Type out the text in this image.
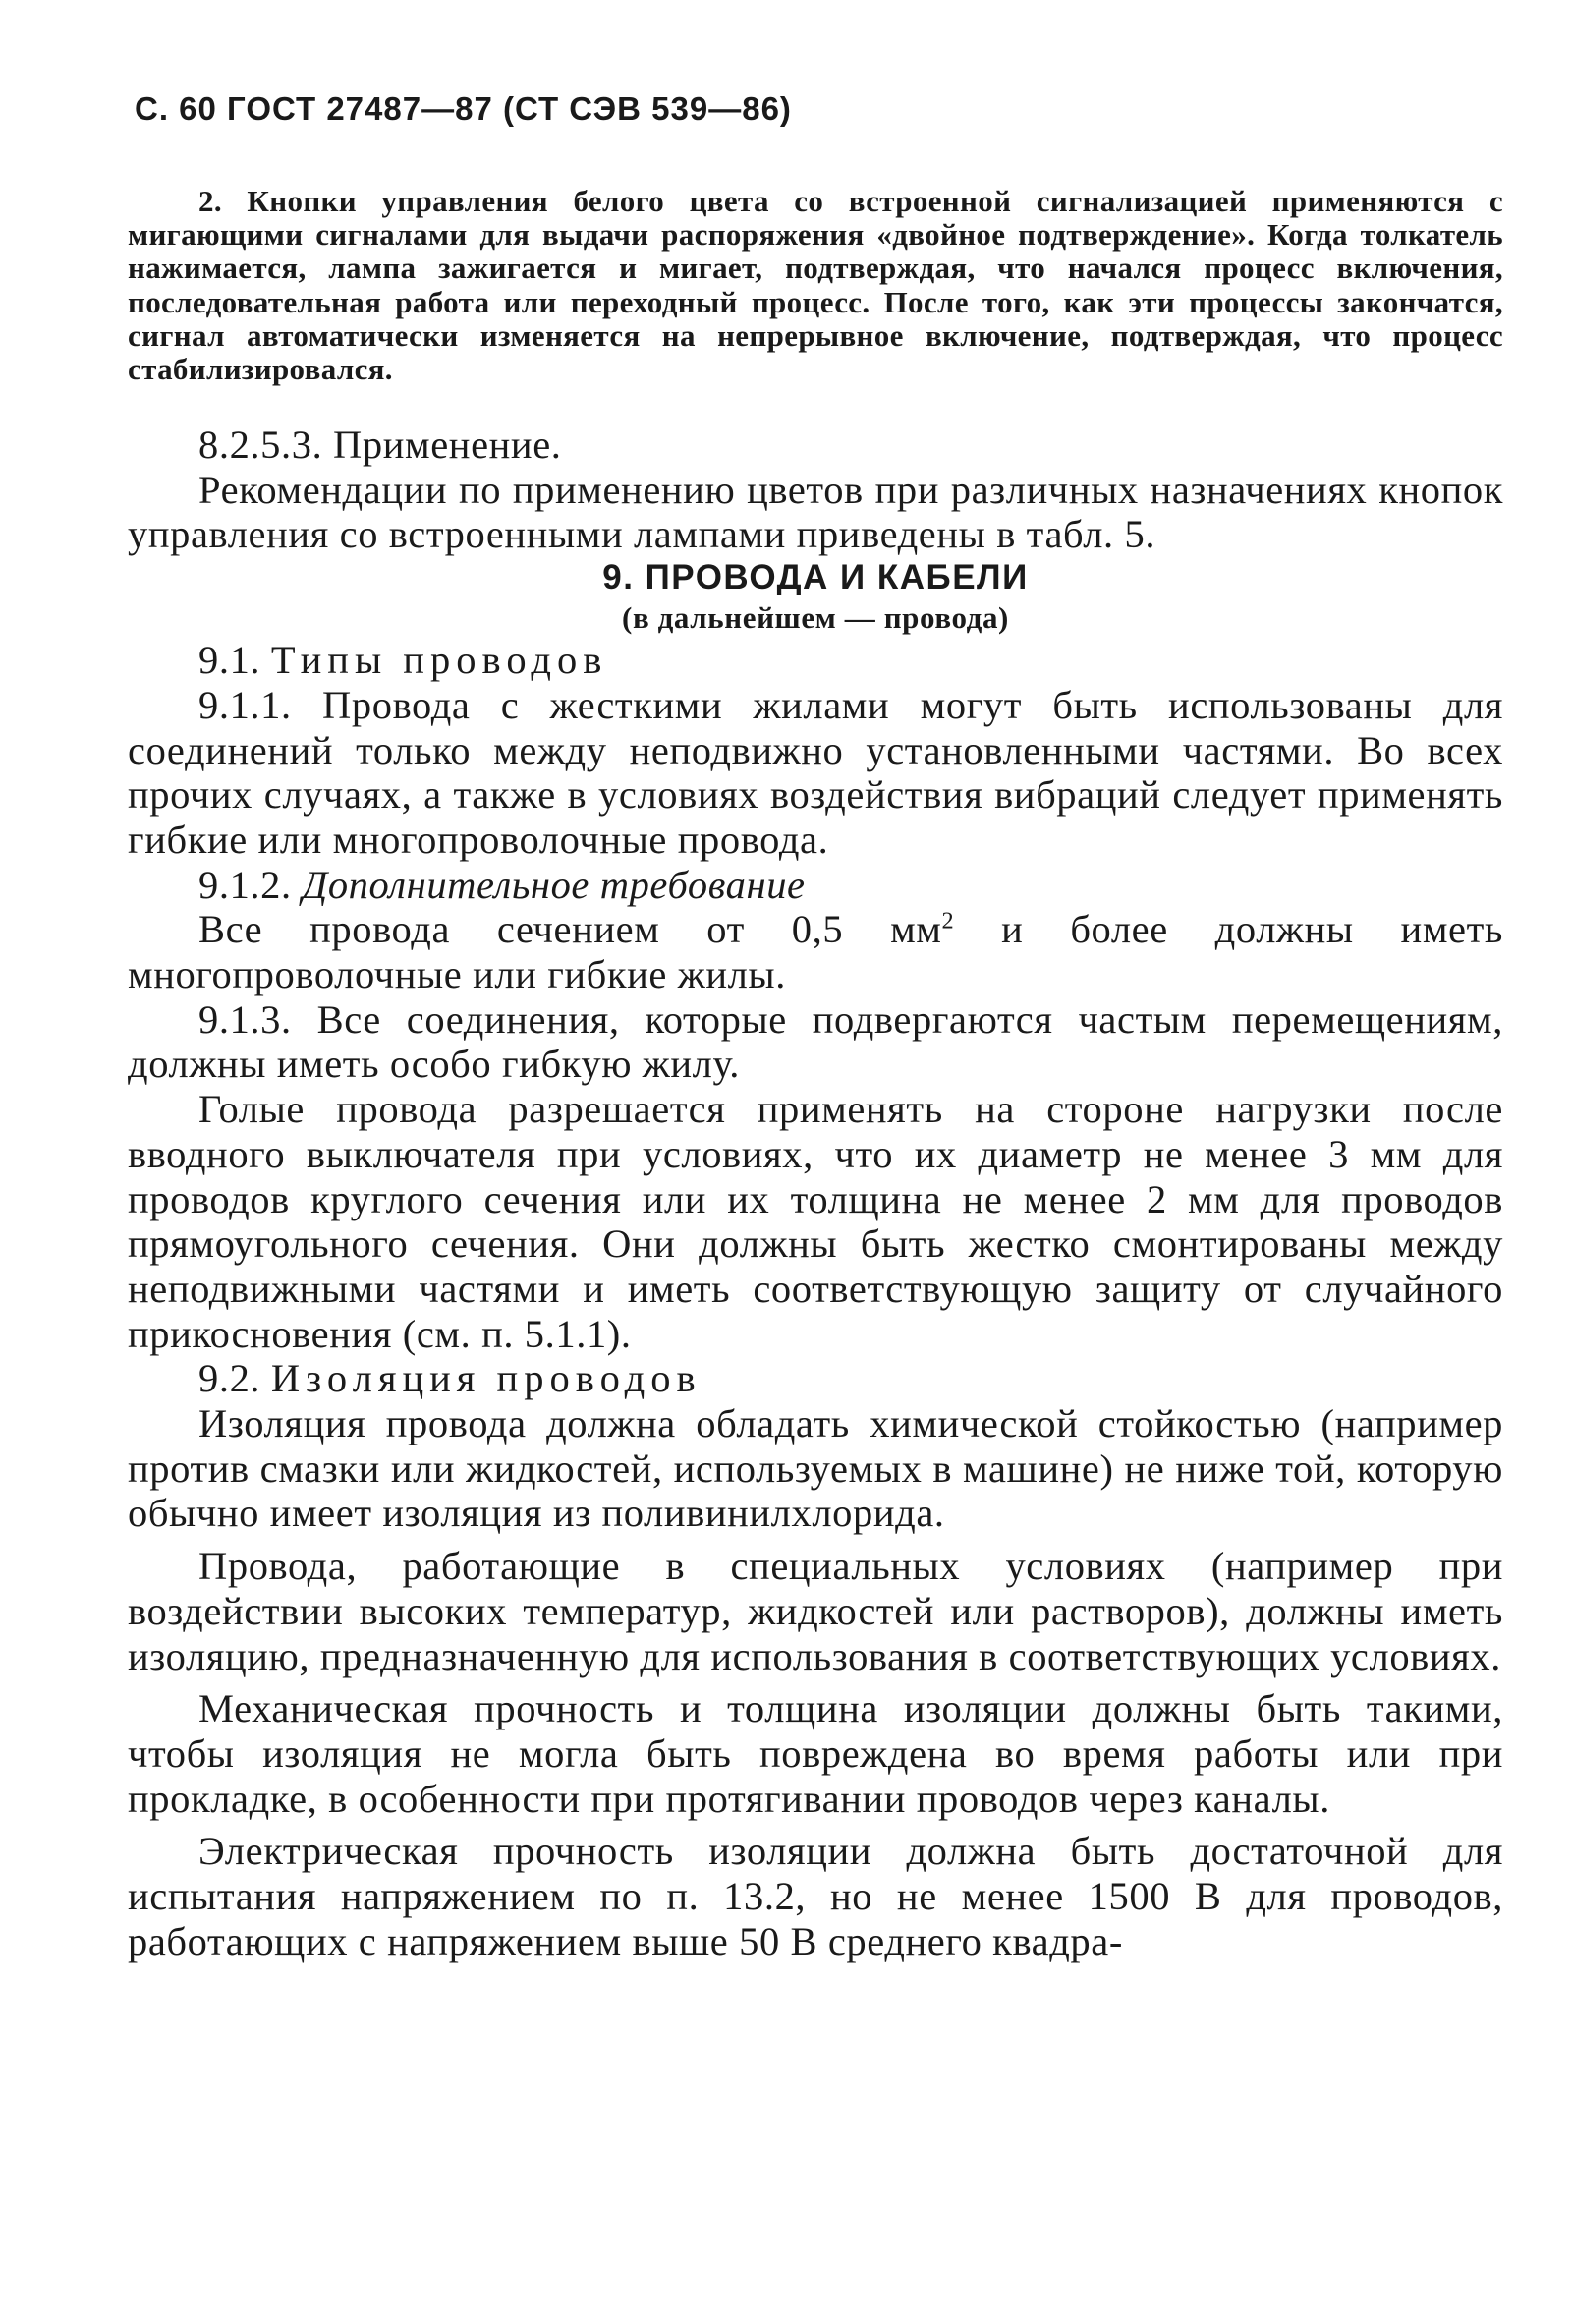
С. 60 ГОСТ 27487—87 (СТ СЭВ 539—86)

2. Кнопки управления белого цвета со встроенной сигнализацией применяются с мигающими сигналами для выдачи распоряжения «двойное подтверждение». Когда толкатель нажимается, лампа зажигается и мигает, подтверждая, что начался процесс включения, последовательная работа или переходный процесс. После того, как эти процессы закончатся, сигнал автоматически изменяется на непрерывное включение, подтверждая, что процесс стабилизировался.

8.2.5.3. Применение.

Рекомендации по применению цветов при различных назначениях кнопок управления со встроенными лампами приведены в табл. 5.

9. ПРОВОДА И КАБЕЛИ

(в дальнейшем — провода)

9.1. Типы проводов

9.1.1. Провода с жесткими жилами могут быть использованы для соединений только между неподвижно установленными частями. Во всех прочих случаях, а также в условиях воздействия вибраций следует применять гибкие или многопроволочные провода.

9.1.2. Дополнительное требование

Все провода сечением от 0,5 $мм^2$ и более должны иметь многопроволочные или гибкие жилы.

9.1.3. Все соединения, которые подвергаются частым перемещениям, должны иметь особо гибкую жилу.

Голые провода разрешается применять на стороне нагрузки после вводного выключателя при условиях, что их диаметр не менее 3 мм для проводов круглого сечения или их толщина не менее 2 мм для проводов прямоугольного сечения. Они должны быть жестко смонтированы между неподвижными частями и иметь соответствующую защиту от случайного прикосновения (см. п. 5.1.1).

9.2. Изоляция проводов

Изоляция провода должна обладать химической стойкостью (например против смазки или жидкостей, используемых в машине) не ниже той, которую обычно имеет изоляция из поливинилхлорида.

Провода, работающие в специальных условиях (например при воздействии высоких температур, жидкостей или растворов), должны иметь изоляцию, предназначенную для использования в соответствующих условиях.

Механическая прочность и толщина изоляции должны быть такими, чтобы изоляция не могла быть повреждена во время работы или при прокладке, в особенности при протягивании проводов через каналы.

Электрическая прочность изоляции должна быть достаточной для испытания напряжением по п. 13.2, но не менее 1500 В для проводов, работающих с напряжением выше 50 В среднего квадра-
